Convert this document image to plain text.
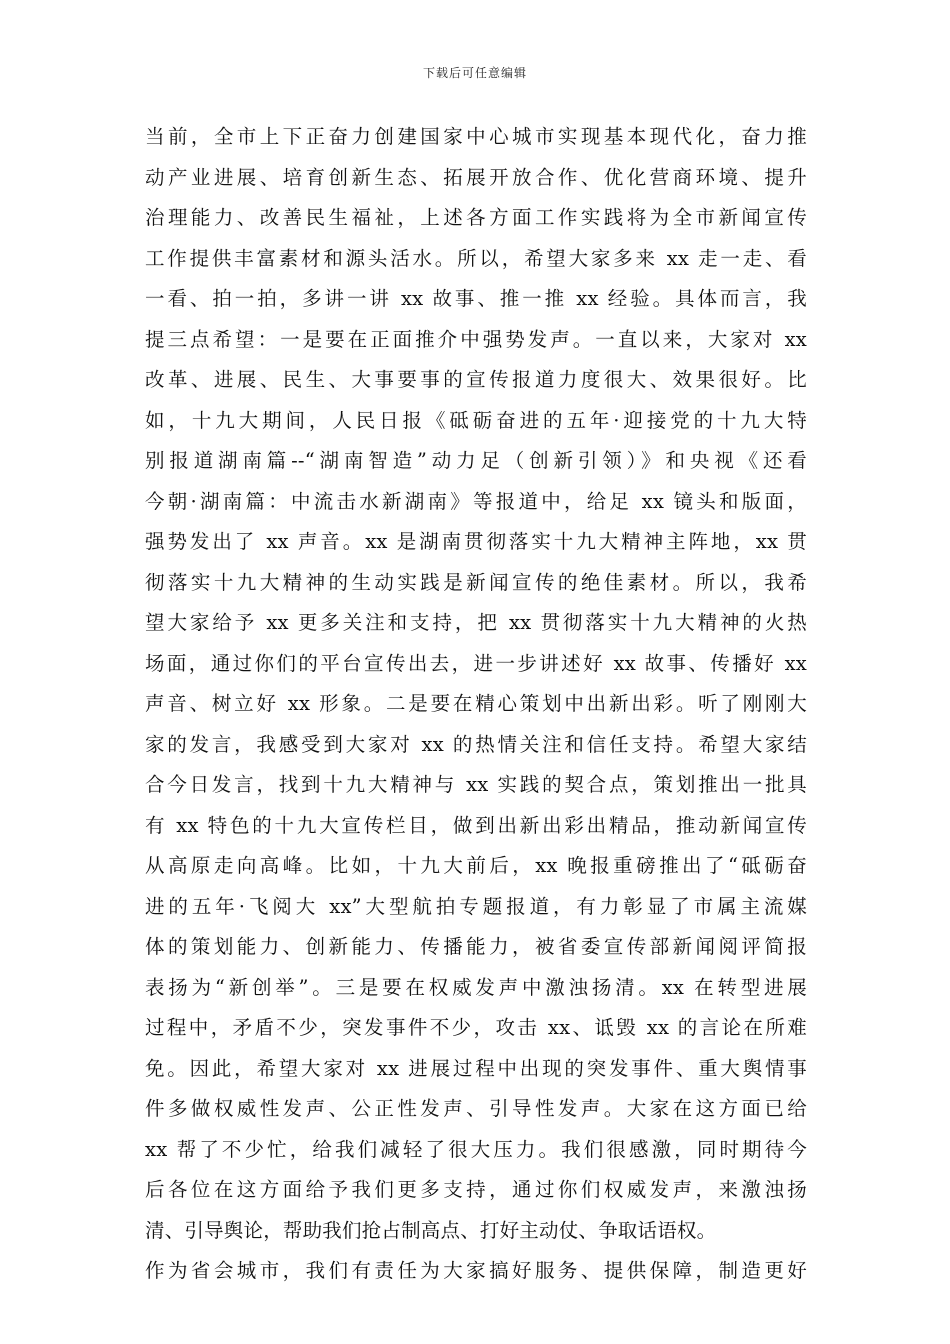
下载后可任意编辑
当前，全市上下正奋力创建国家中心城市实现基本现代化，奋力推
动产业进展、培育创新生态、拓展开放合作、优化营商环境、提升
治理能力、改善民生福祉，上述各方面工作实践将为全市新闻宣传
工作提供丰富素材和源头活水。所以，希望大家多来 xx 走一走、看
一看、拍一拍，多讲一讲 xx 故事、推一推 xx 经验。具体而言，我
提三点希望：一是要在正面推介中强势发声。一直以来，大家对 xx
改革、进展、民生、大事要事的宣传报道力度很大、效果很好。比
如，十九大期间，人民日报《砥砺奋进的五年·迎接党的十九大特
别报道湖南篇--“湖南智造”动力足（创新引领）》和央视《还看
今朝·湖南篇：中流击水新湖南》等报道中，给足 xx 镜头和版面，
强势发出了 xx 声音。xx 是湖南贯彻落实十九大精神主阵地，xx 贯
彻落实十九大精神的生动实践是新闻宣传的绝佳素材。所以，我希
望大家给予 xx 更多关注和支持，把 xx 贯彻落实十九大精神的火热
场面，通过你们的平台宣传出去，进一步讲述好 xx 故事、传播好 xx
声音、树立好 xx 形象。二是要在精心策划中出新出彩。听了刚刚大
家的发言，我感受到大家对 xx 的热情关注和信任支持。希望大家结
合今日发言，找到十九大精神与 xx 实践的契合点，策划推出一批具
有 xx 特色的十九大宣传栏目，做到出新出彩出精品，推动新闻宣传
从高原走向高峰。比如，十九大前后，xx 晚报重磅推出了“砥砺奋
进的五年·飞阅大 xx”大型航拍专题报道，有力彰显了市属主流媒
体的策划能力、创新能力、传播能力，被省委宣传部新闻阅评简报
表扬为“新创举”。三是要在权威发声中激浊扬清。xx 在转型进展
过程中，矛盾不少，突发事件不少，攻击 xx、诋毁 xx 的言论在所难
免。因此，希望大家对 xx 进展过程中出现的突发事件、重大舆情事
件多做权威性发声、公正性发声、引导性发声。大家在这方面已给
xx 帮了不少忙，给我们减轻了很大压力。我们很感激，同时期待今
后各位在这方面给予我们更多支持，通过你们权威发声，来激浊扬
清、引导舆论，帮助我们抢占制高点、打好主动仗、争取话语权。
作为省会城市，我们有责任为大家搞好服务、提供保障，制造更好
